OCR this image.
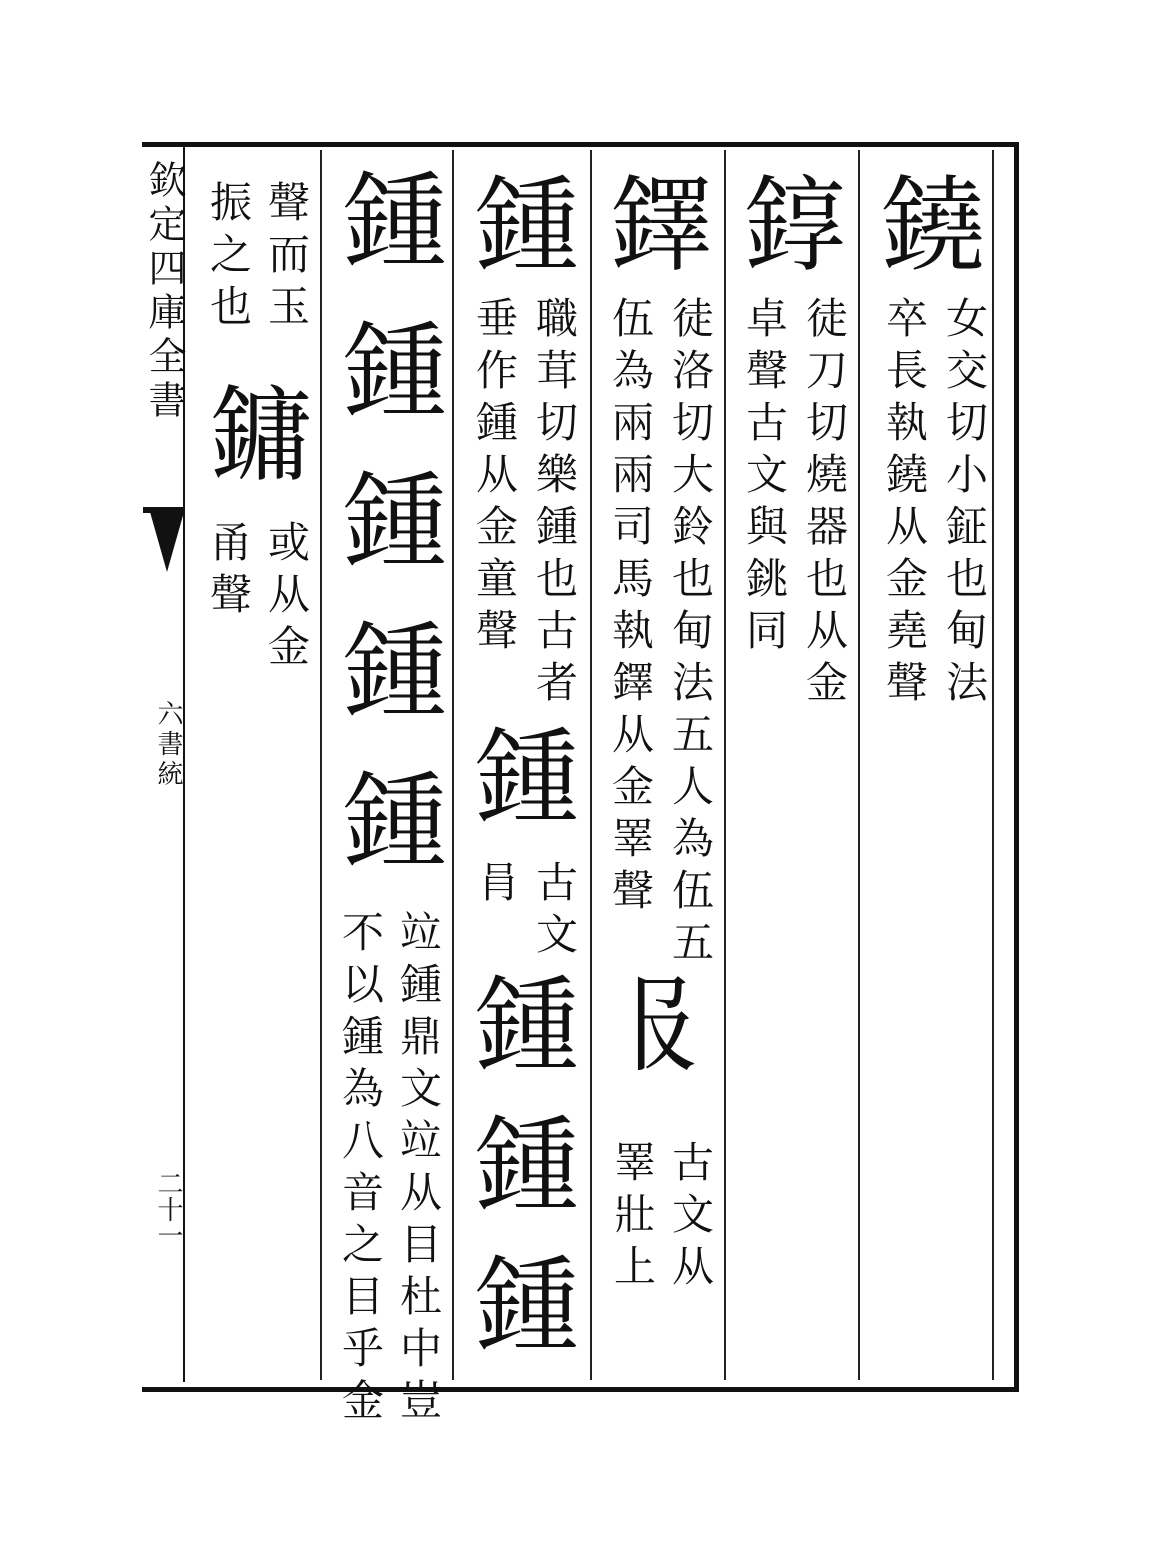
欽定四庫全書
六書統
二十一
鐃
女交切小鉦也甸法
卒長執鐃从金堯聲
錞
徒刀切燒器也从金
卓聲古文與銚同
鐸
徒洛切大鈴也甸法五人為伍五
伍為兩兩司馬執鐸从金睪聲
𠬝
古文从
睪壯上
鍾
職茸切樂鍾也古者
垂作鍾从金童聲
鍾
古文
肙
鍾
鍾
鍾
鍾
鍾
鍾
鍾
鍾
竝鍾鼎文竝从目杜中豈
不以鍾為八音之目乎金
聲而玉
振之也
鏞
或从金
甬聲
